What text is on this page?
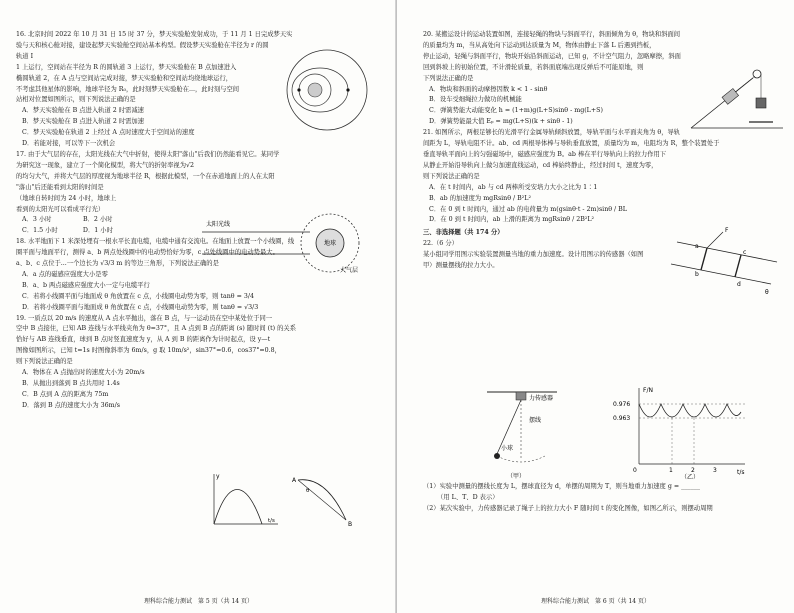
16. 北京时间 2022 年 10 月 31 日 15 时 37 分，梦天实验舱发射成功，于 11 月 1 日完成梦天实

验与天和核心舱对接，建设起梦天实验舱空间站基本构型。假设梦天实验舱在半径为 r 的圆轨道 I

1 上运行，空间站在半径为 R 的圆轨道 3 上运行，梦天实验舱在 B 点加速进入

椭圆轨道 2，在 A 点与空间站完成对接，梦天实验舱和空间站均绕地球运行，

不考虑其他星体的影响，地球半径为 R₀，此时刻梦天实验舱在...，此时刻与空间

站相对位置如图所示，则下列说法正确的是

A．梦天实验舱在 B 点进入轨道 2 时需减速

B．梦天实验舱在 B 点进入轨道 2 时需加速

C．梦天实验舱在轨道 2 上经过 A 点时速度大于空间站的速度

D．若能对接，可以等下一次机会

17. 由于大气层的存在，太阳光线在大气中折射，使得太阳"落山"后我们仍然能看见它。某同学

为研究这一现象，建立了一个简化模型，将大气的折射率视为√2

的均匀大气，并将大气层的厚度视为地球半径 R，根据此模型，一个在赤道地面上的人在太阳

"落山"后还能看到太阳的时间是

（地球自转时间为 24 小时，地球上

看到的太阳光可以看成平行光）

A．3 小时　　　　　	B．2 小时

C．1.5 小时　　　　	D．1 小时

18. 水平地面下 1 米深处埋有一根水平长直电缆，电缆中通有交流电。在地面上放置一个小线圈，线

圈平面与地面平行，测得 a、b 两点处线圈中的电动势恰好为零，c 点处线圈中的电动势最大。

a、b、c 点位于...一个边长为 √3/3 m 的等边三角形，下列说法正确的是

A．a 点的磁感应强度大小是零

B．a、b 两点磁感应强度大小一定与电缆平行

C．若将小线圈平面与地面成 θ 角放置在 c 点，小线圈电动势为零，则 tanθ = 3/4

D．若将小线圈平面与地面成 θ 角放置在 c 点，小线圈电动势为零，则 tanθ = √3/3

19. 一质点以 20 m/s 的速度从 A 点水平抛出，落在 B 点，与一运动员在空中某处位于同一

空中 B 点接住，已知 AB 连线与水平线夹角为 θ=37°，且 A 点到 B 点的距离 (s) 随时间 (t) 的关系

恰好与 AB 连线垂直，球到 B 点时竖直速度为 y，从 A 到 B 的距离作为计时起点，设 y—t

图像如图所示，已知 t=1s 时图像斜率为 6m/s，g 取 10m/s²，sin37°=0.6，cos37°=0.8，

则下列说法正确的是

A．物体在 A 点抛出时的速度大小为 20m/s

B．从抛出到落到 B 点共用时 1.4s

C．B 点到 A 点的距离为 75m

D．落到 B 点的速度大小为 36m/s

太阳光线
地球
大气层
y
t/s
A
B
θ
理科综合能力测试　第 5 页（共 14 页）

20. 某搬运设计的运动装置如图，连接轻绳的物块与斜面平行，斜面倾角为 θ，物块和斜面间

的质量均为 m，当从高处向下运动到达质量为 M，物体由静止下落 L 后遇到挡板，

停止运动，轻绳与斜面平行，物块开始沿斜面运动，已知 g，不计空气阻力，忽略摩擦，斜面

回到斜坡上的初始位置，不计滑轮质量，若斜面底端出现反弹后不可能原地，则

下列说法正确的是

A．物块和斜面的动摩擦因数 k < 1 - sinθ

B．设车受细绳拉力做功的机械能

C．弹簧势能大动能变化 h = (1+m)g(L+S)sinθ - mg(L+S)

D．弹簧势能最大值 Eₚ = mg(L+S)(k + sinθ - 1)

21. 如图所示，两根足够长的光滑平行金属导轨倾斜放置，导轨平面与水平面夹角为 θ，导轨

间距为 L，导轨电阻不计。ab、cd 两根导体棒与导轨垂直放置，质量均为 m，电阻均为 R，整个装置处于

垂直导轨平面向上的匀强磁场中，磁感应强度为 B。ab 棒在平行导轨向上的拉力作用下

从静止开始沿导轨向上做匀加速直线运动，cd 棒始终静止，经过时间 t，速度为零，

则下列说法正确的是

A．在 t 时间内，ab 与 cd 两棒所受安培力大小之比为 1∶1

B．ab 的加速度为 mgRsinθ / B²L²

C．在 0 到 t 时间内，通过 ab 的电荷量为 m(gsinθ·t - 2m)sinθ / BL

D．在 0 到 t 时间内，ab 上滑的距离为 mgRsinθ / 2B²L²

三、非选择题（共 174 分）

22.（6 分）

某小组同学用图示实验装置测量当地的重力加速度。设计用图示的传感器（如图

甲）测量摆线的拉力大小。

（1）实验中测量的摆线长度为 L，摆球直径为 d，单摆的周期为 T，则当地重力加速度 g = ______

（用 L、T、D 表示）

（2）某次实验中，力传感器记录了绳子上的拉力大小 F 随时间 t 的变化图像，如图乙所示，则摆动周期

F
a
b
c
d
θ
力传感器
摆线
小球
（甲）
F/N
t/s
0.976
0.963
0	1	2	3
（乙）
理科综合能力测试　第 6 页（共 14 页）
